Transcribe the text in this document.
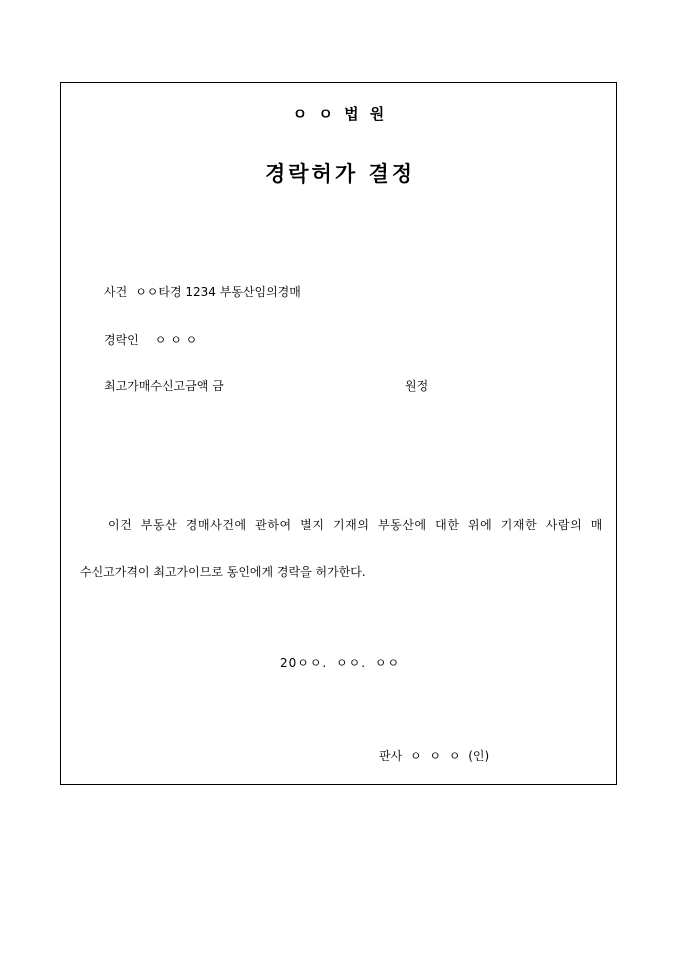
ㅇ ㅇ 법 원
경락허가 결정
사건 ㅇㅇ타경 1234 부동산임의경매
경락인 ㅇ ㅇ ㅇ
최고가매수신고금액 금	원정
이건 부동산 경매사건에 관하여 별지 기재의 부동산에 대한 위에 기재한 사람의 매
수신고가격이 최고가이므로 동인에게 경락을 허가한다.
20ㅇㅇ. ㅇㅇ. ㅇㅇ
판사 ㅇ ㅇ ㅇ (인)
